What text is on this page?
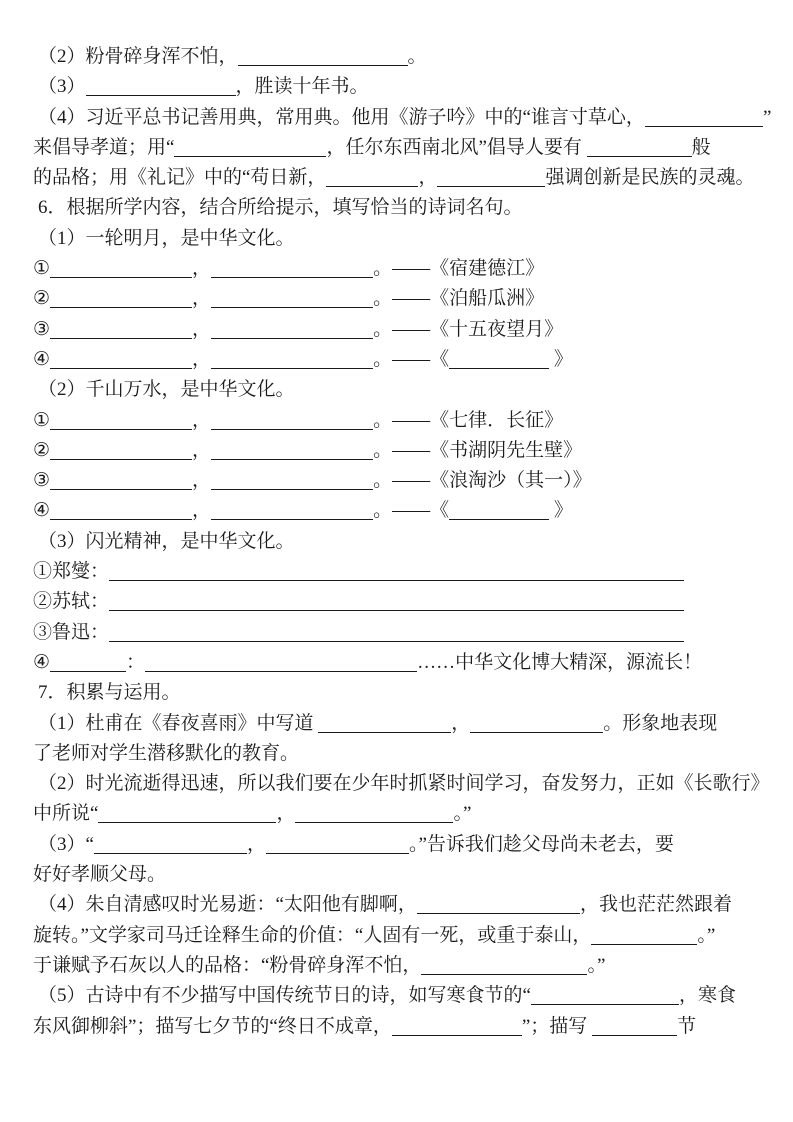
（2）粉骨碎身浑不怕，	。
（3）	，胜读十年书。
（4）习近平总书记善用典，常用典。他用《游子吟》中的“谁言寸草心，	”
来倡导孝道；用“	，任尔东西南北风”倡导人要有	般
的品格；用《礼记》中的“苟日新，	，	强调创新是民族的灵魂。
6．根据所学内容，结合所给提示，填写恰当的诗词名句。
（1）一轮明月，是中华文化。
①	，	。——《宿建德江》
②	，	。——《泊船瓜洲》
③	，	。——《十五夜望月》
④	，	。——《	》
（2）千山万水，是中华文化。
①	，	。——《七律．长征》
②	，	。——《书湖阴先生壁》
③	，	。——《浪淘沙（其一）》
④	，	。——《	》
（3）闪光精神，是中华文化。
①郑燮：
②苏轼：
③鲁迅：
④	：	……中华文化博大精深，源流长！
7．积累与运用。
（1）杜甫在《春夜喜雨》中写道	，	。形象地表现
了老师对学生潜移默化的教育。
（2）时光流逝得迅速，所以我们要在少年时抓紧时间学习，奋发努力，正如《长歌行》
中所说“	，	。”
（3）“	，	。”告诉我们趁父母尚未老去，要
好好孝顺父母。
（4）朱自清感叹时光易逝：“太阳他有脚啊，	，我也茫茫然跟着
旋转。”文学家司马迁诠释生命的价值：“人固有一死，或重于泰山，	。”
于谦赋予石灰以人的品格：“粉骨碎身浑不怕，	。”
（5）古诗中有不少描写中国传统节日的诗，如写寒食节的“	，寒食
东风御柳斜”；描写七夕节的“终日不成章，	”；描写	节
